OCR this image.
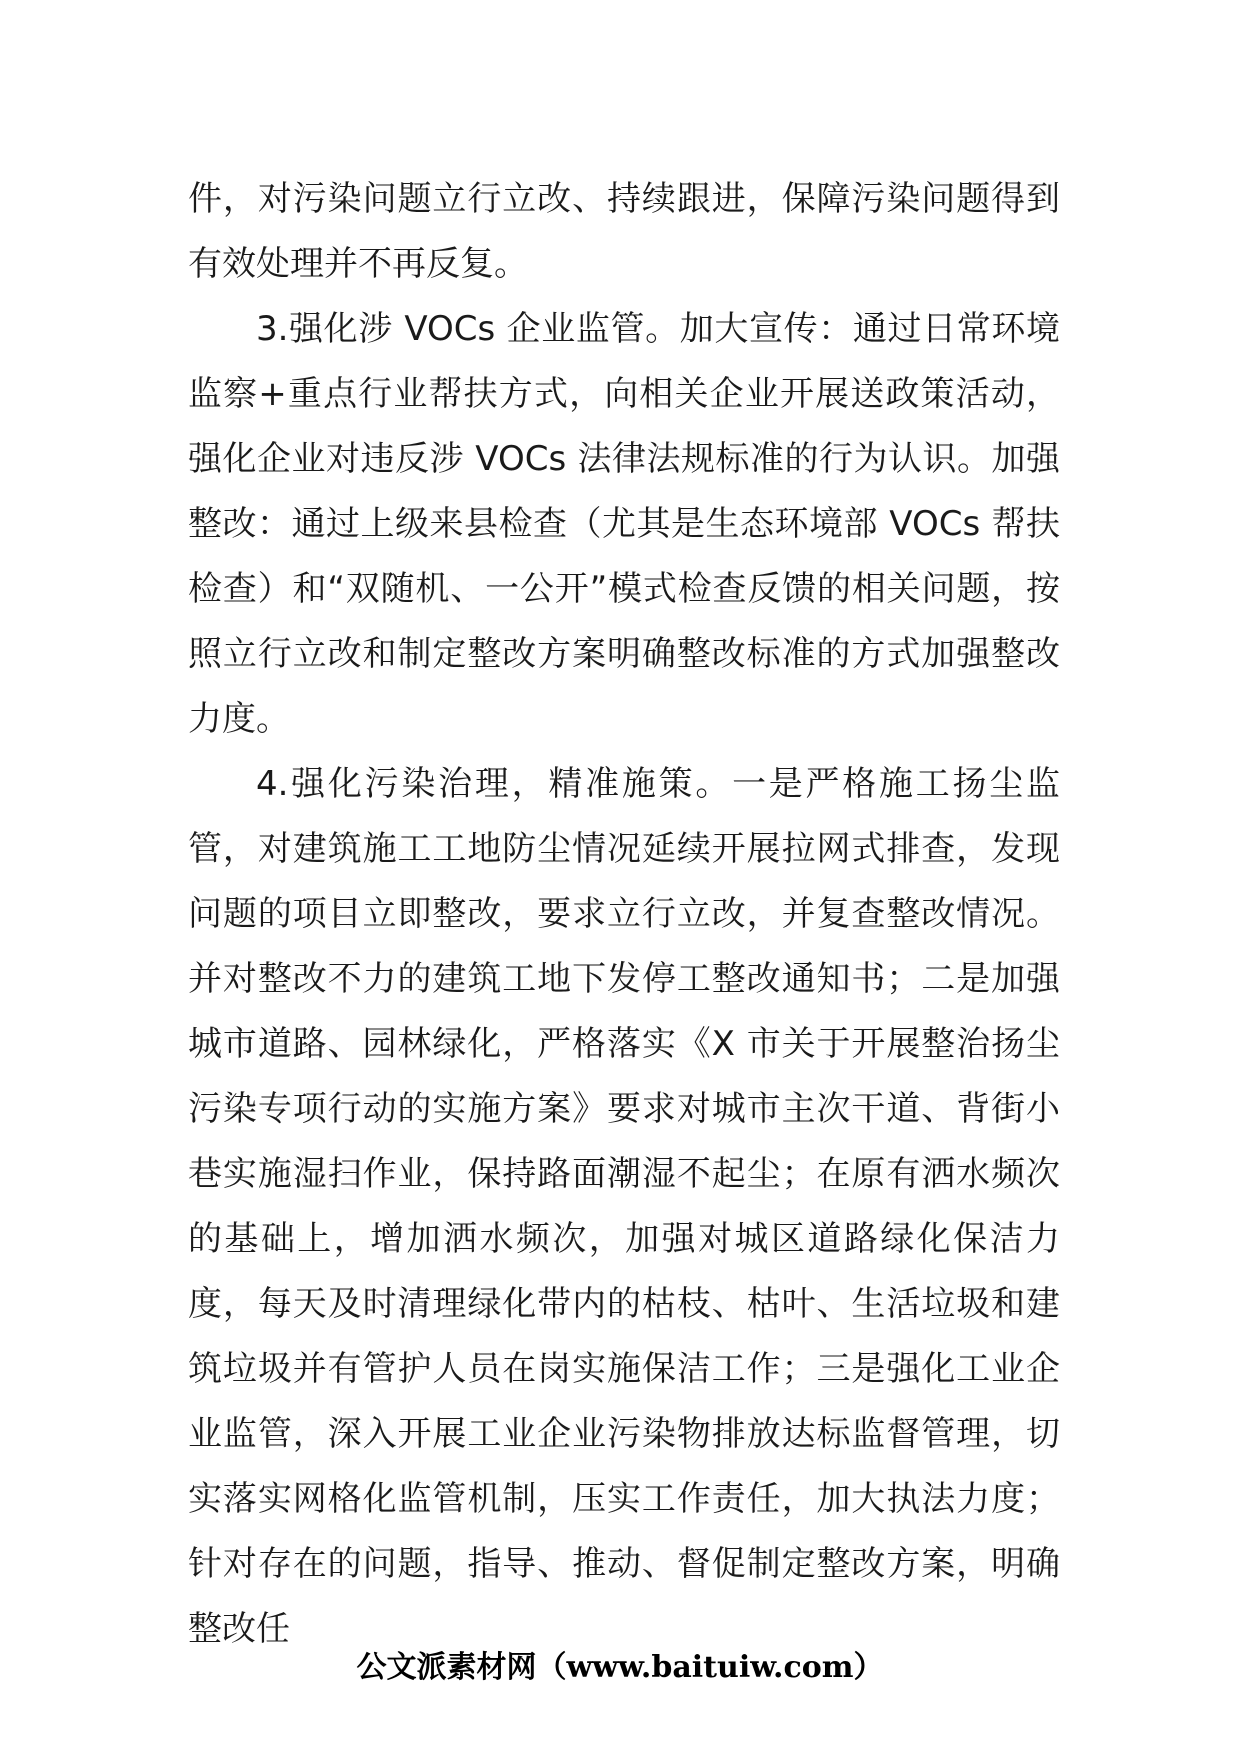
件，对污染问题立行立改、持续跟进，保障污染问题得到有效处理并不再反复。

3.强化涉 VOCs 企业监管。加大宣传：通过日常环境监察+重点行业帮扶方式，向相关企业开展送政策活动，强化企业对违反涉 VOCs 法律法规标准的行为认识。加强整改：通过上级来县检查（尤其是生态环境部 VOCs 帮扶检查）和“双随机、一公开”模式检查反馈的相关问题，按照立行立改和制定整改方案明确整改标准的方式加强整改力度。

4.强化污染治理，精准施策。一是严格施工扬尘监管，对建筑施工工地防尘情况延续开展拉网式排查，发现问题的项目立即整改，要求立行立改，并复查整改情况。并对整改不力的建筑工地下发停工整改通知书；二是加强城市道路、园林绿化，严格落实《X 市关于开展整治扬尘污染专项行动的实施方案》要求对城市主次干道、背街小巷实施湿扫作业，保持路面潮湿不起尘；在原有洒水频次的基础上，增加洒水频次，加强对城区道路绿化保洁力度，每天及时清理绿化带内的枯枝、枯叶、生活垃圾和建筑垃圾并有管护人员在岗实施保洁工作；三是强化工业企业监管，深入开展工业企业污染物排放达标监督管理，切实落实网格化监管机制，压实工作责任，加大执法力度；针对存在的问题，指导、推动、督促制定整改方案，明确整改任

公文派素材网（www.baituiw.com）
